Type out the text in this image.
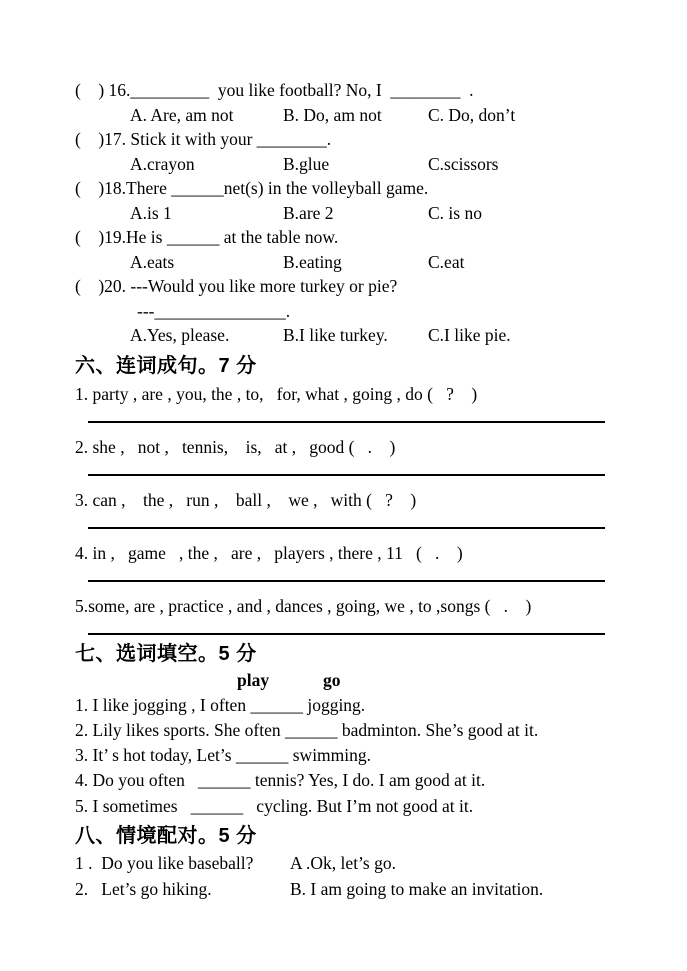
(    ) 16._________  you like football? No, I  ________  .
A. Are, am not	B. Do, am not	C. Do, don’t
(    )17. Stick it with your ________.
A.crayon	B.glue	C.scissors
(    )18.There ______net(s) in the volleyball game.
A.is 1	B.are 2	C. is no
(    )19.He is ______ at the table now.
A.eats	B.eating	C.eat
(    )20. ---Would you like more turkey or pie?
---_______________.
A.Yes, please.	B.I like turkey. C.I like pie.
六、连词成句。7 分
1. party , are , you, the , to,   for, what , going , do (   ?    )
2. she ,   not ,   tennis,    is,   at ,   good (   .    )
3. can ,    the ,   run ,    ball ,    we ,   with (   ?    )
4. in ,   game   , the ,   are ,   players , there , 11   (   .    )
5.some, are , practice , and , dances , going, we , to ,songs (   .    )
七、选词填空。5 分
play	go
1. I like jogging , I often ______ jogging.
2. Lily likes sports. She often ______ badminton. She’s good at it.
3. It’ s hot today, Let’s ______ swimming.
4. Do you often   ______ tennis? Yes, I do. I am good at it.
5. I sometimes   ______   cycling. But I’m not good at it.
八、情境配对。5 分
1 .  Do you like baseball? A .Ok, let’s go.
2.   Let’s go hiking.	B. I am going to make an invitation.
